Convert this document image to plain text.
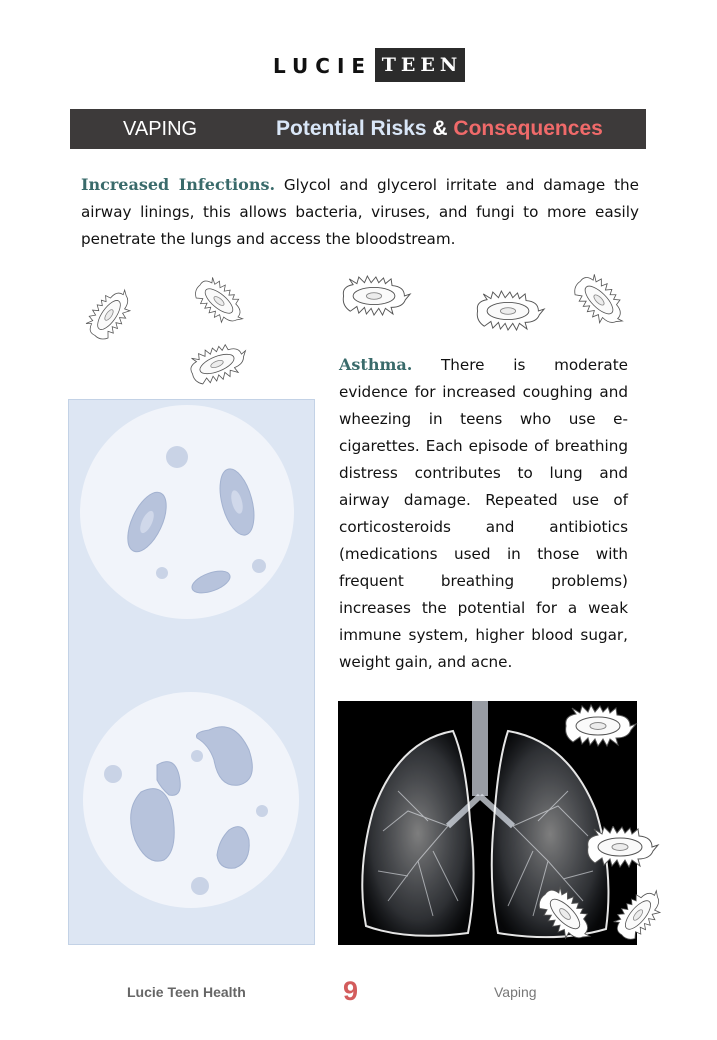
LUCIE TEEN
VAPING	Potential Risks & Consequences
Increased Infections. Glycol and glycerol irritate and damage the airway linings, this allows bacteria, viruses, and fungi to more easily penetrate the lungs and access the bloodstream.
Asthma. There is moderate evidence for increased coughing and wheezing in teens who use e-cigarettes. Each episode of breathing distress contributes to lung and airway damage. Repeated use of corticosteroids and antibiotics (medications used in those with frequent breathing problems) increases the potential for a weak immune system, higher blood sugar, weight gain, and acne.
Lucie Teen Health	9	Vaping
